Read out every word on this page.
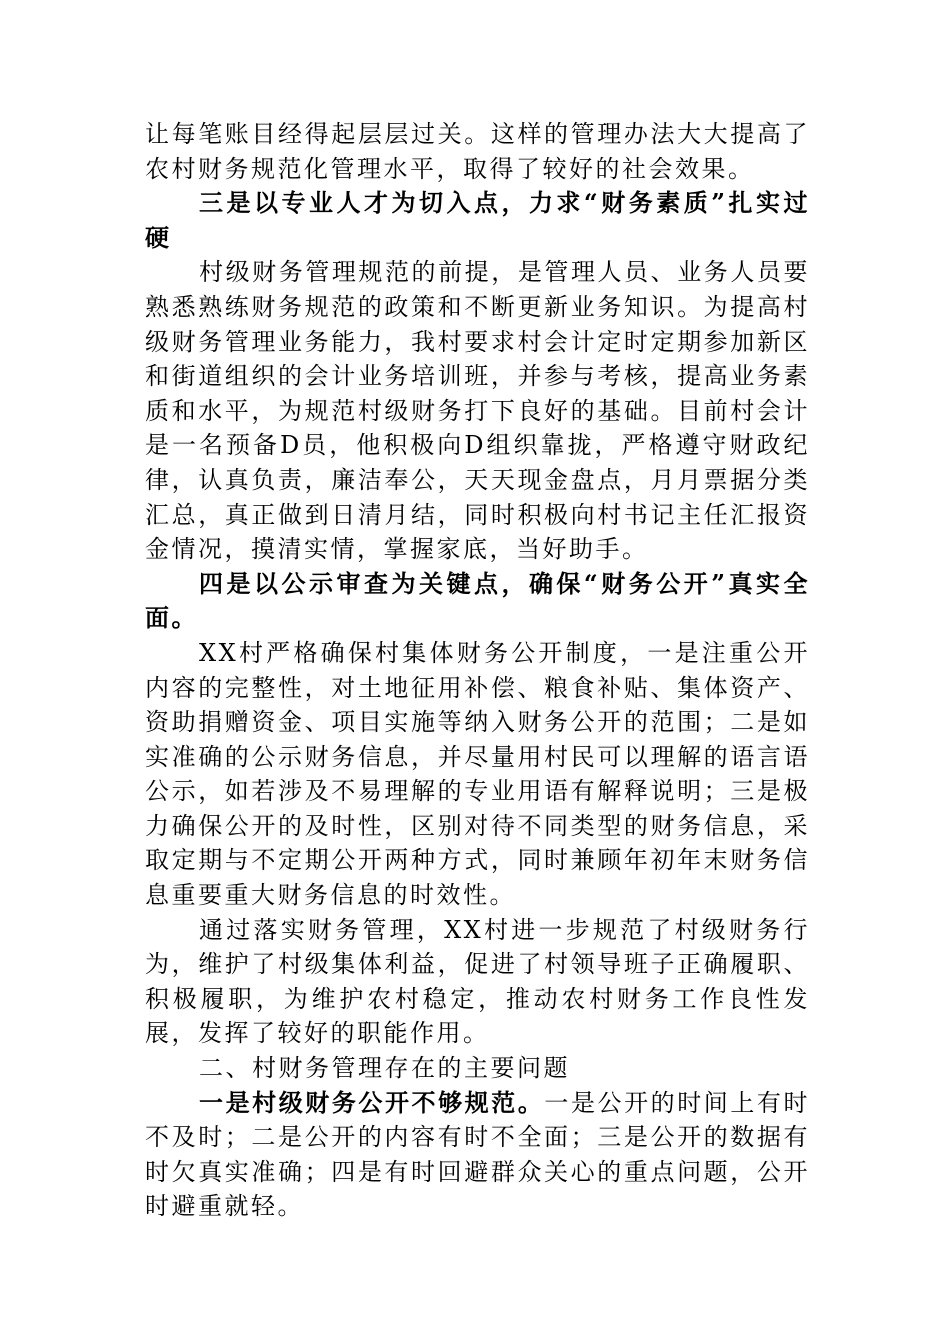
让每笔账目经得起层层过关。这样的管理办法大大提高了农村财务规范化管理水平，取得了较好的社会效果。

三是以专业人才为切入点，力求“财务素质”扎实过硬

村级财务管理规范的前提，是管理人员、业务人员要熟悉熟练财务规范的政策和不断更新业务知识。为提高村级财务管理业务能力，我村要求村会计定时定期参加新区和街道组织的会计业务培训班，并参与考核，提高业务素质和水平，为规范村级财务打下良好的基础。目前村会计是一名预备D员，他积极向D组织靠拢，严格遵守财政纪律，认真负责，廉洁奉公，天天现金盘点，月月票据分类汇总，真正做到日清月结，同时积极向村书记主任汇报资金情况，摸清实情，掌握家底，当好助手。

四是以公示审查为关键点，确保“财务公开”真实全面。

XX村严格确保村集体财务公开制度，一是注重公开内容的完整性，对土地征用补偿、粮食补贴、集体资产、资助捐赠资金、项目实施等纳入财务公开的范围；二是如实准确的公示财务信息，并尽量用村民可以理解的语言语公示，如若涉及不易理解的专业用语有解释说明；三是极力确保公开的及时性，区别对待不同类型的财务信息，采取定期与不定期公开两种方式，同时兼顾年初年末财务信息重要重大财务信息的时效性。

通过落实财务管理，XX村进一步规范了村级财务行为，维护了村级集体利益，促进了村领导班子正确履职、积极履职，为维护农村稳定，推动农村财务工作良性发展，发挥了较好的职能作用。

二、村财务管理存在的主要问题

一是村级财务公开不够规范。一是公开的时间上有时不及时；二是公开的内容有时不全面；三是公开的数据有时欠真实准确；四是有时回避群众关心的重点问题，公开时避重就轻。
